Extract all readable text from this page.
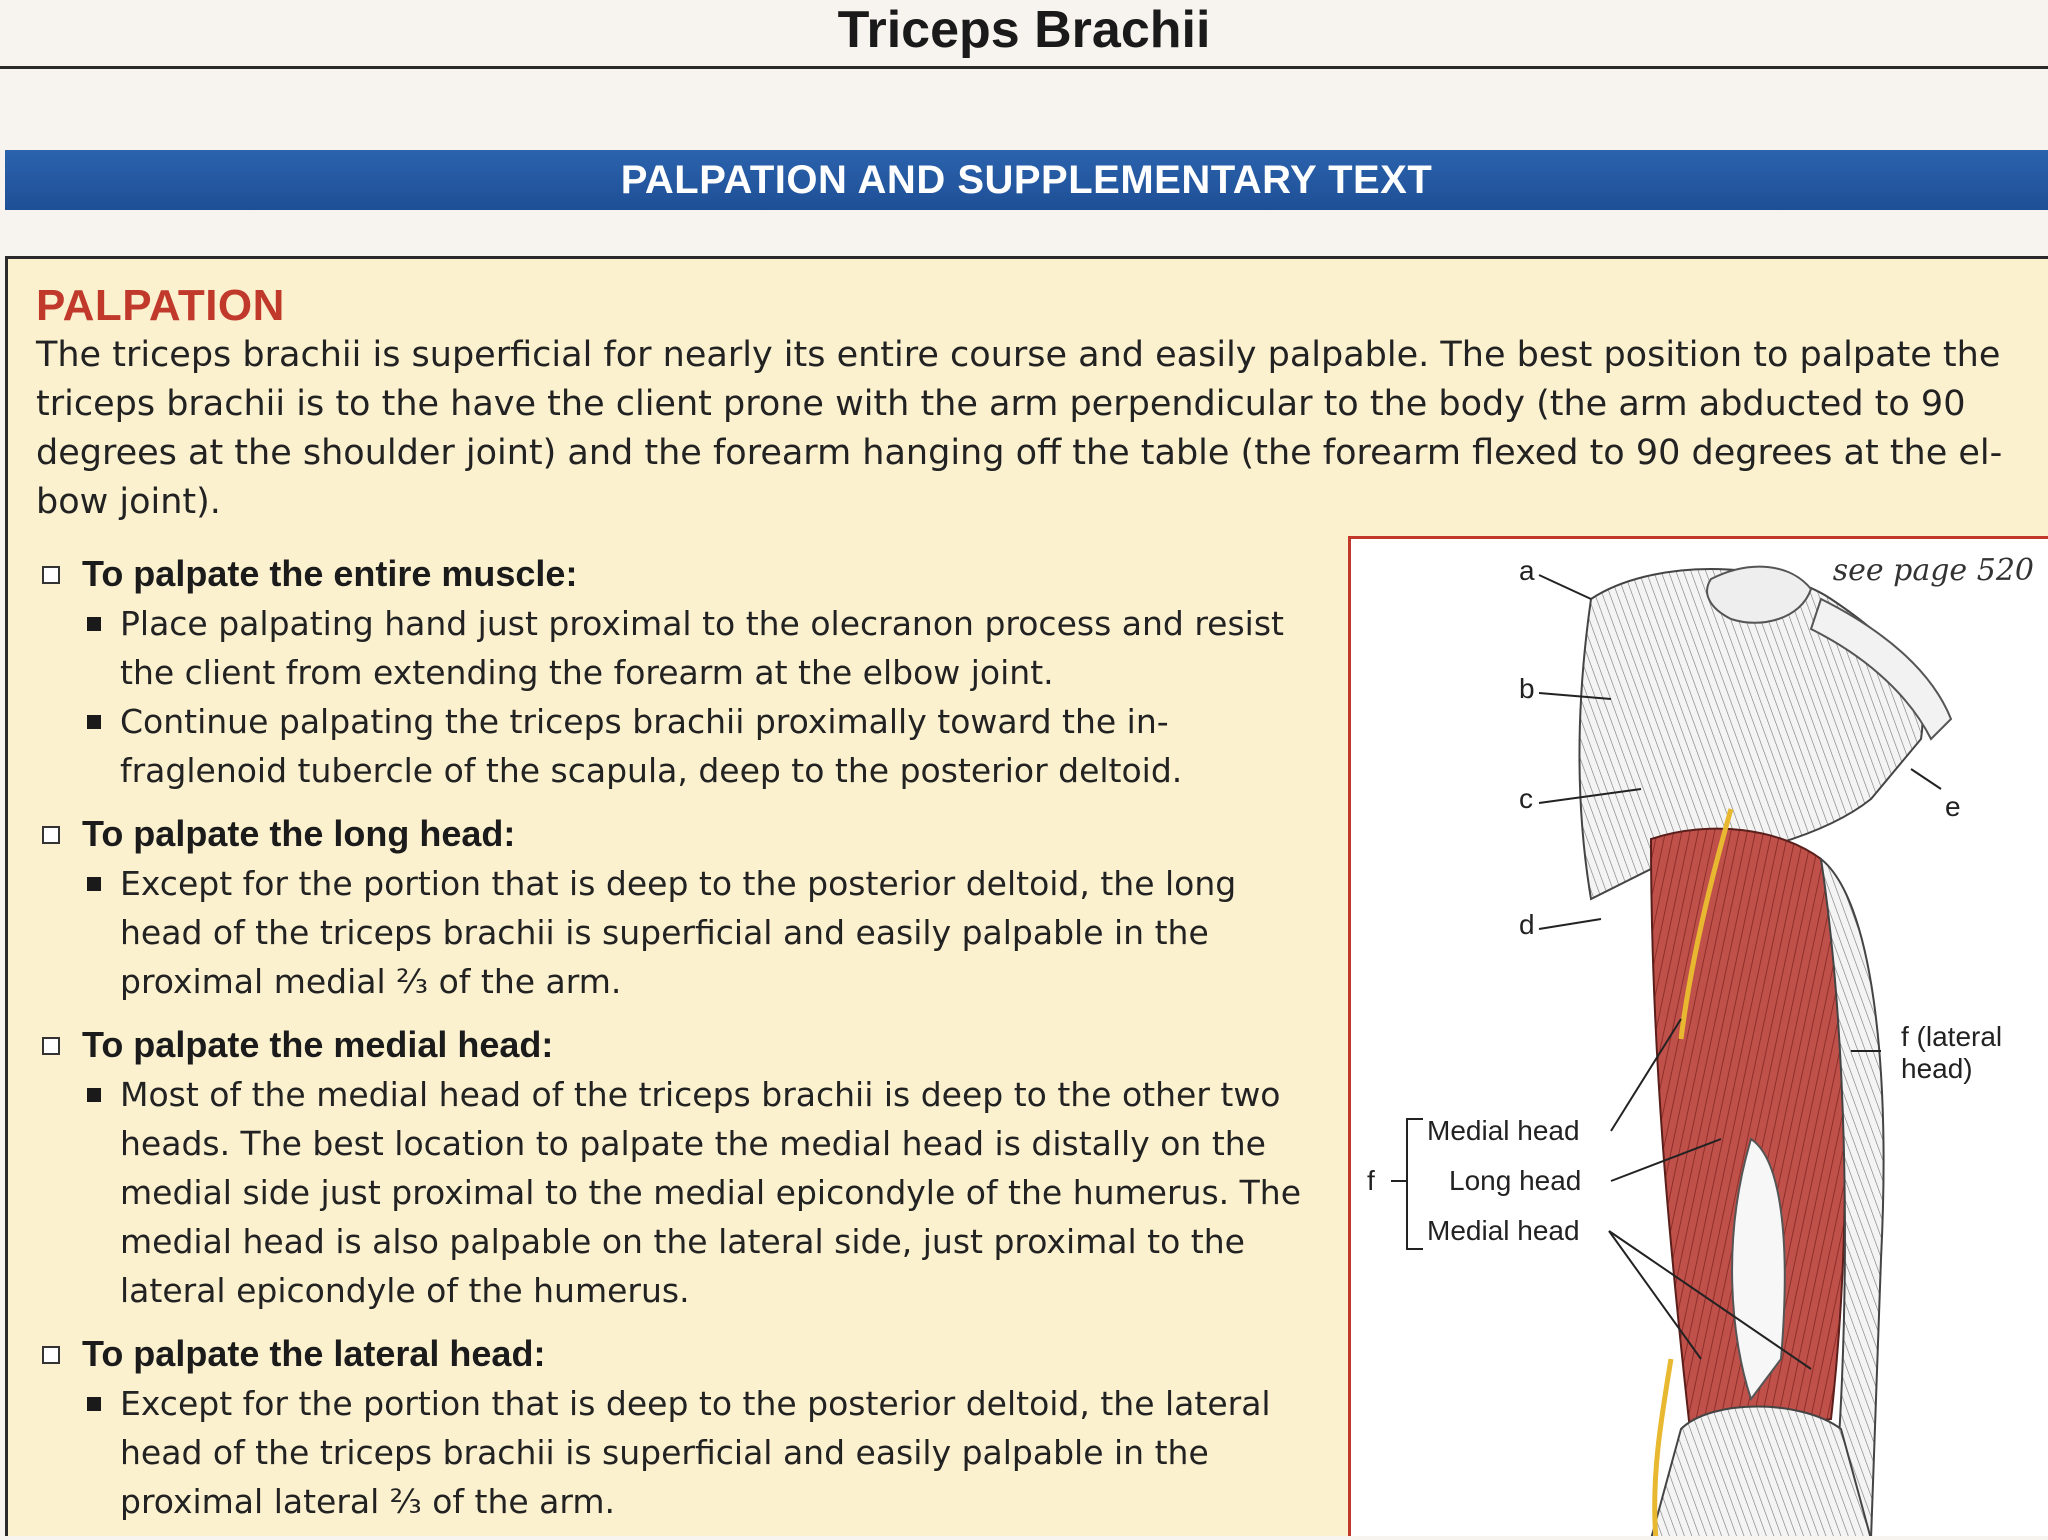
Triceps Brachii
PALPATION AND SUPPLEMENTARY TEXT
PALPATION
The triceps brachii is superficial for nearly its entire course and easily palpable. The best position to palpate the triceps brachii is to the have the client prone with the arm perpendicular to the body (the arm abducted to 90 degrees at the shoulder joint) and the forearm hanging off the table (the forearm flexed to 90 degrees at the el-bow joint).
To palpate the entire muscle:
Place palpating hand just proximal to the olecranon process and resist the client from extending the forearm at the elbow joint.
Continue palpating the triceps brachii proximally toward the in-fraglenoid tubercle of the scapula, deep to the posterior deltoid.
To palpate the long head:
Except for the portion that is deep to the posterior deltoid, the long head of the triceps brachii is superficial and easily palpable in the proximal medial ⅔ of the arm.
To palpate the medial head:
Most of the medial head of the triceps brachii is deep to the other two heads. The best location to palpate the medial head is distally on the medial side just proximal to the medial epicondyle of the humerus. The medial head is also palpable on the lateral side, just proximal to the lateral epicondyle of the humerus.
To palpate the lateral head:
Except for the portion that is deep to the posterior deltoid, the lateral head of the triceps brachii is superficial and easily palpable in the proximal lateral ⅔ of the arm.
see page 520
a
b
c
d
e
f (lateral
head)
f
Medial head
Long head
Medial head
